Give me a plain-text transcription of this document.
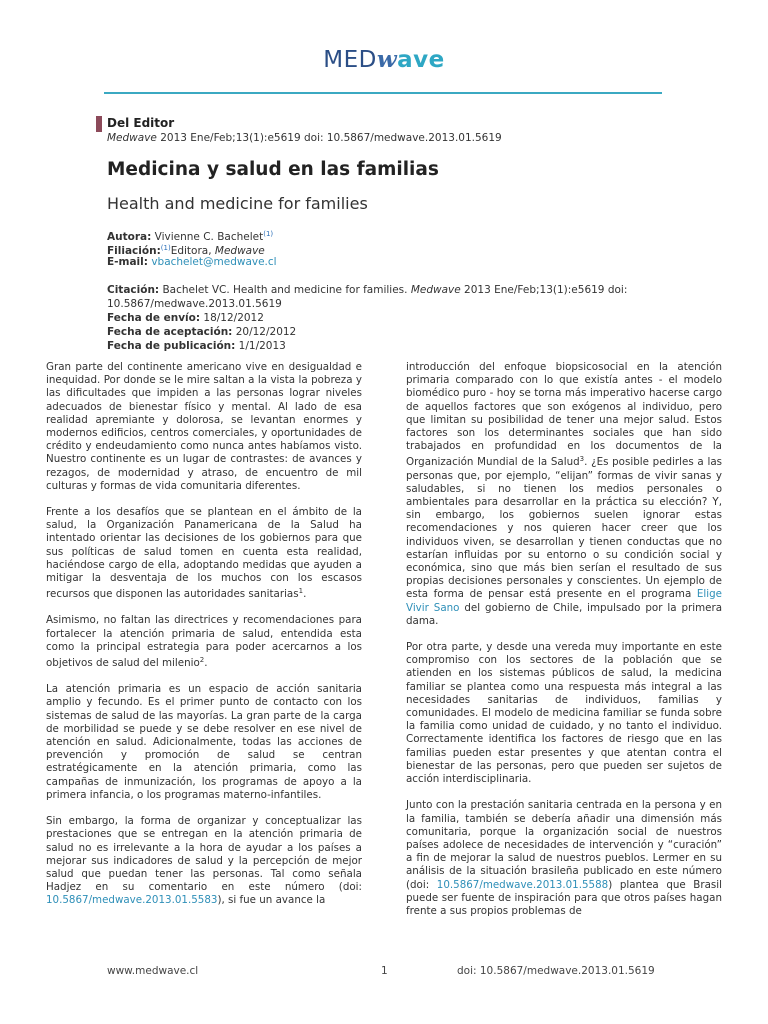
MEDwave
Del Editor
Medwave 2013 Ene/Feb;13(1):e5619 doi: 10.5867/medwave.2013.01.5619
Medicina y salud en las familias
Health and medicine for families
Autora: Vivienne C. Bachelet$^{(1)}$
Filiación:$^{(1)}$Editora, Medwave
E-mail: vbachelet@medwave.cl
Citación: Bachelet VC. Health and medicine for families. Medwave 2013 Ene/Feb;13(1):e5619 doi:
10.5867/medwave.2013.01.5619
Fecha de envío: 18/12/2012
Fecha de aceptación: 20/12/2012
Fecha de publicación: 1/1/2013

Gran parte del continente americano vive en desigualdad e inequidad. Por donde se le mire saltan a la vista la pobreza y las dificultades que impiden a las personas lograr niveles adecuados de bienestar físico y mental. Al lado de esa realidad apremiante y dolorosa, se levantan enormes y modernos edificios, centros comerciales, y oportunidades de crédito y endeudamiento como nunca antes habíamos visto. Nuestro continente es un lugar de contrastes: de avances y rezagos, de modernidad y atraso, de encuentro de mil culturas y formas de vida comunitaria diferentes.

Frente a los desafíos que se plantean en el ámbito de la salud, la Organización Panamericana de la Salud ha intentado orientar las decisiones de los gobiernos para que sus políticas de salud tomen en cuenta esta realidad, haciéndose cargo de ella, adoptando medidas que ayuden a mitigar la desventaja de los muchos con los escasos recursos que disponen las autoridades sanitarias$^1$.

Asimismo, no faltan las directrices y recomendaciones para fortalecer la atención primaria de salud, entendida esta como la principal estrategia para poder acercarnos a los objetivos de salud del milenio$^2$.

La atención primaria es un espacio de acción sanitaria amplio y fecundo. Es el primer punto de contacto con los sistemas de salud de las mayorías. La gran parte de la carga de morbilidad se puede y se debe resolver en ese nivel de atención en salud. Adicionalmente, todas las acciones de prevención y promoción de salud se centran estratégicamente en la atención primaria, como las campañas de inmunización, los programas de apoyo a la primera infancia, o los programas materno-infantiles.

Sin embargo, la forma de organizar y conceptualizar las prestaciones que se entregan en la atención primaria de salud no es irrelevante a la hora de ayudar a los países a mejorar sus indicadores de salud y la percepción de mejor salud que puedan tener las personas. Tal como señala Hadjez en su comentario en este número (doi: 10.5867/medwave.2013.01.5583), si fue un avance la

introducción del enfoque biopsicosocial en la atención primaria comparado con lo que existía antes - el modelo biomédico puro - hoy se torna más imperativo hacerse cargo de aquellos factores que son exógenos al individuo, pero que limitan su posibilidad de tener una mejor salud. Estos factores son los determinantes sociales que han sido trabajados en profundidad en los documentos de la Organización Mundial de la Salud$^3$. ¿Es posible pedirles a las personas que, por ejemplo, “elijan” formas de vivir sanas y saludables, si no tienen los medios personales o ambientales para desarrollar en la práctica su elección? Y, sin embargo, los gobiernos suelen ignorar estas recomendaciones y nos quieren hacer creer que los individuos viven, se desarrollan y tienen conductas que no estarían influidas por su entorno o su condición social y económica, sino que más bien serían el resultado de sus propias decisiones personales y conscientes. Un ejemplo de esta forma de pensar está presente en el programa Elige Vivir Sano del gobierno de Chile, impulsado por la primera dama.

Por otra parte, y desde una vereda muy importante en este compromiso con los sectores de la población que se atienden en los sistemas públicos de salud, la medicina familiar se plantea como una respuesta más integral a las necesidades sanitarias de individuos, familias y comunidades. El modelo de medicina familiar se funda sobre la familia como unidad de cuidado, y no tanto el individuo. Correctamente identifica los factores de riesgo que en las familias pueden estar presentes y que atentan contra el bienestar de las personas, pero que pueden ser sujetos de acción interdisciplinaria.

Junto con la prestación sanitaria centrada en la persona y en la familia, también se debería añadir una dimensión más comunitaria, porque la organización social de nuestros países adolece de necesidades de intervención y “curación” a fin de mejorar la salud de nuestros pueblos. Lermer en su análisis de la situación brasileña publicado en este número (doi: 10.5867/medwave.2013.01.5588) plantea que Brasil puede ser fuente de inspiración para que otros países hagan frente a sus propios problemas de

www.medwave.cl	1	doi: 10.5867/medwave.2013.01.5619
